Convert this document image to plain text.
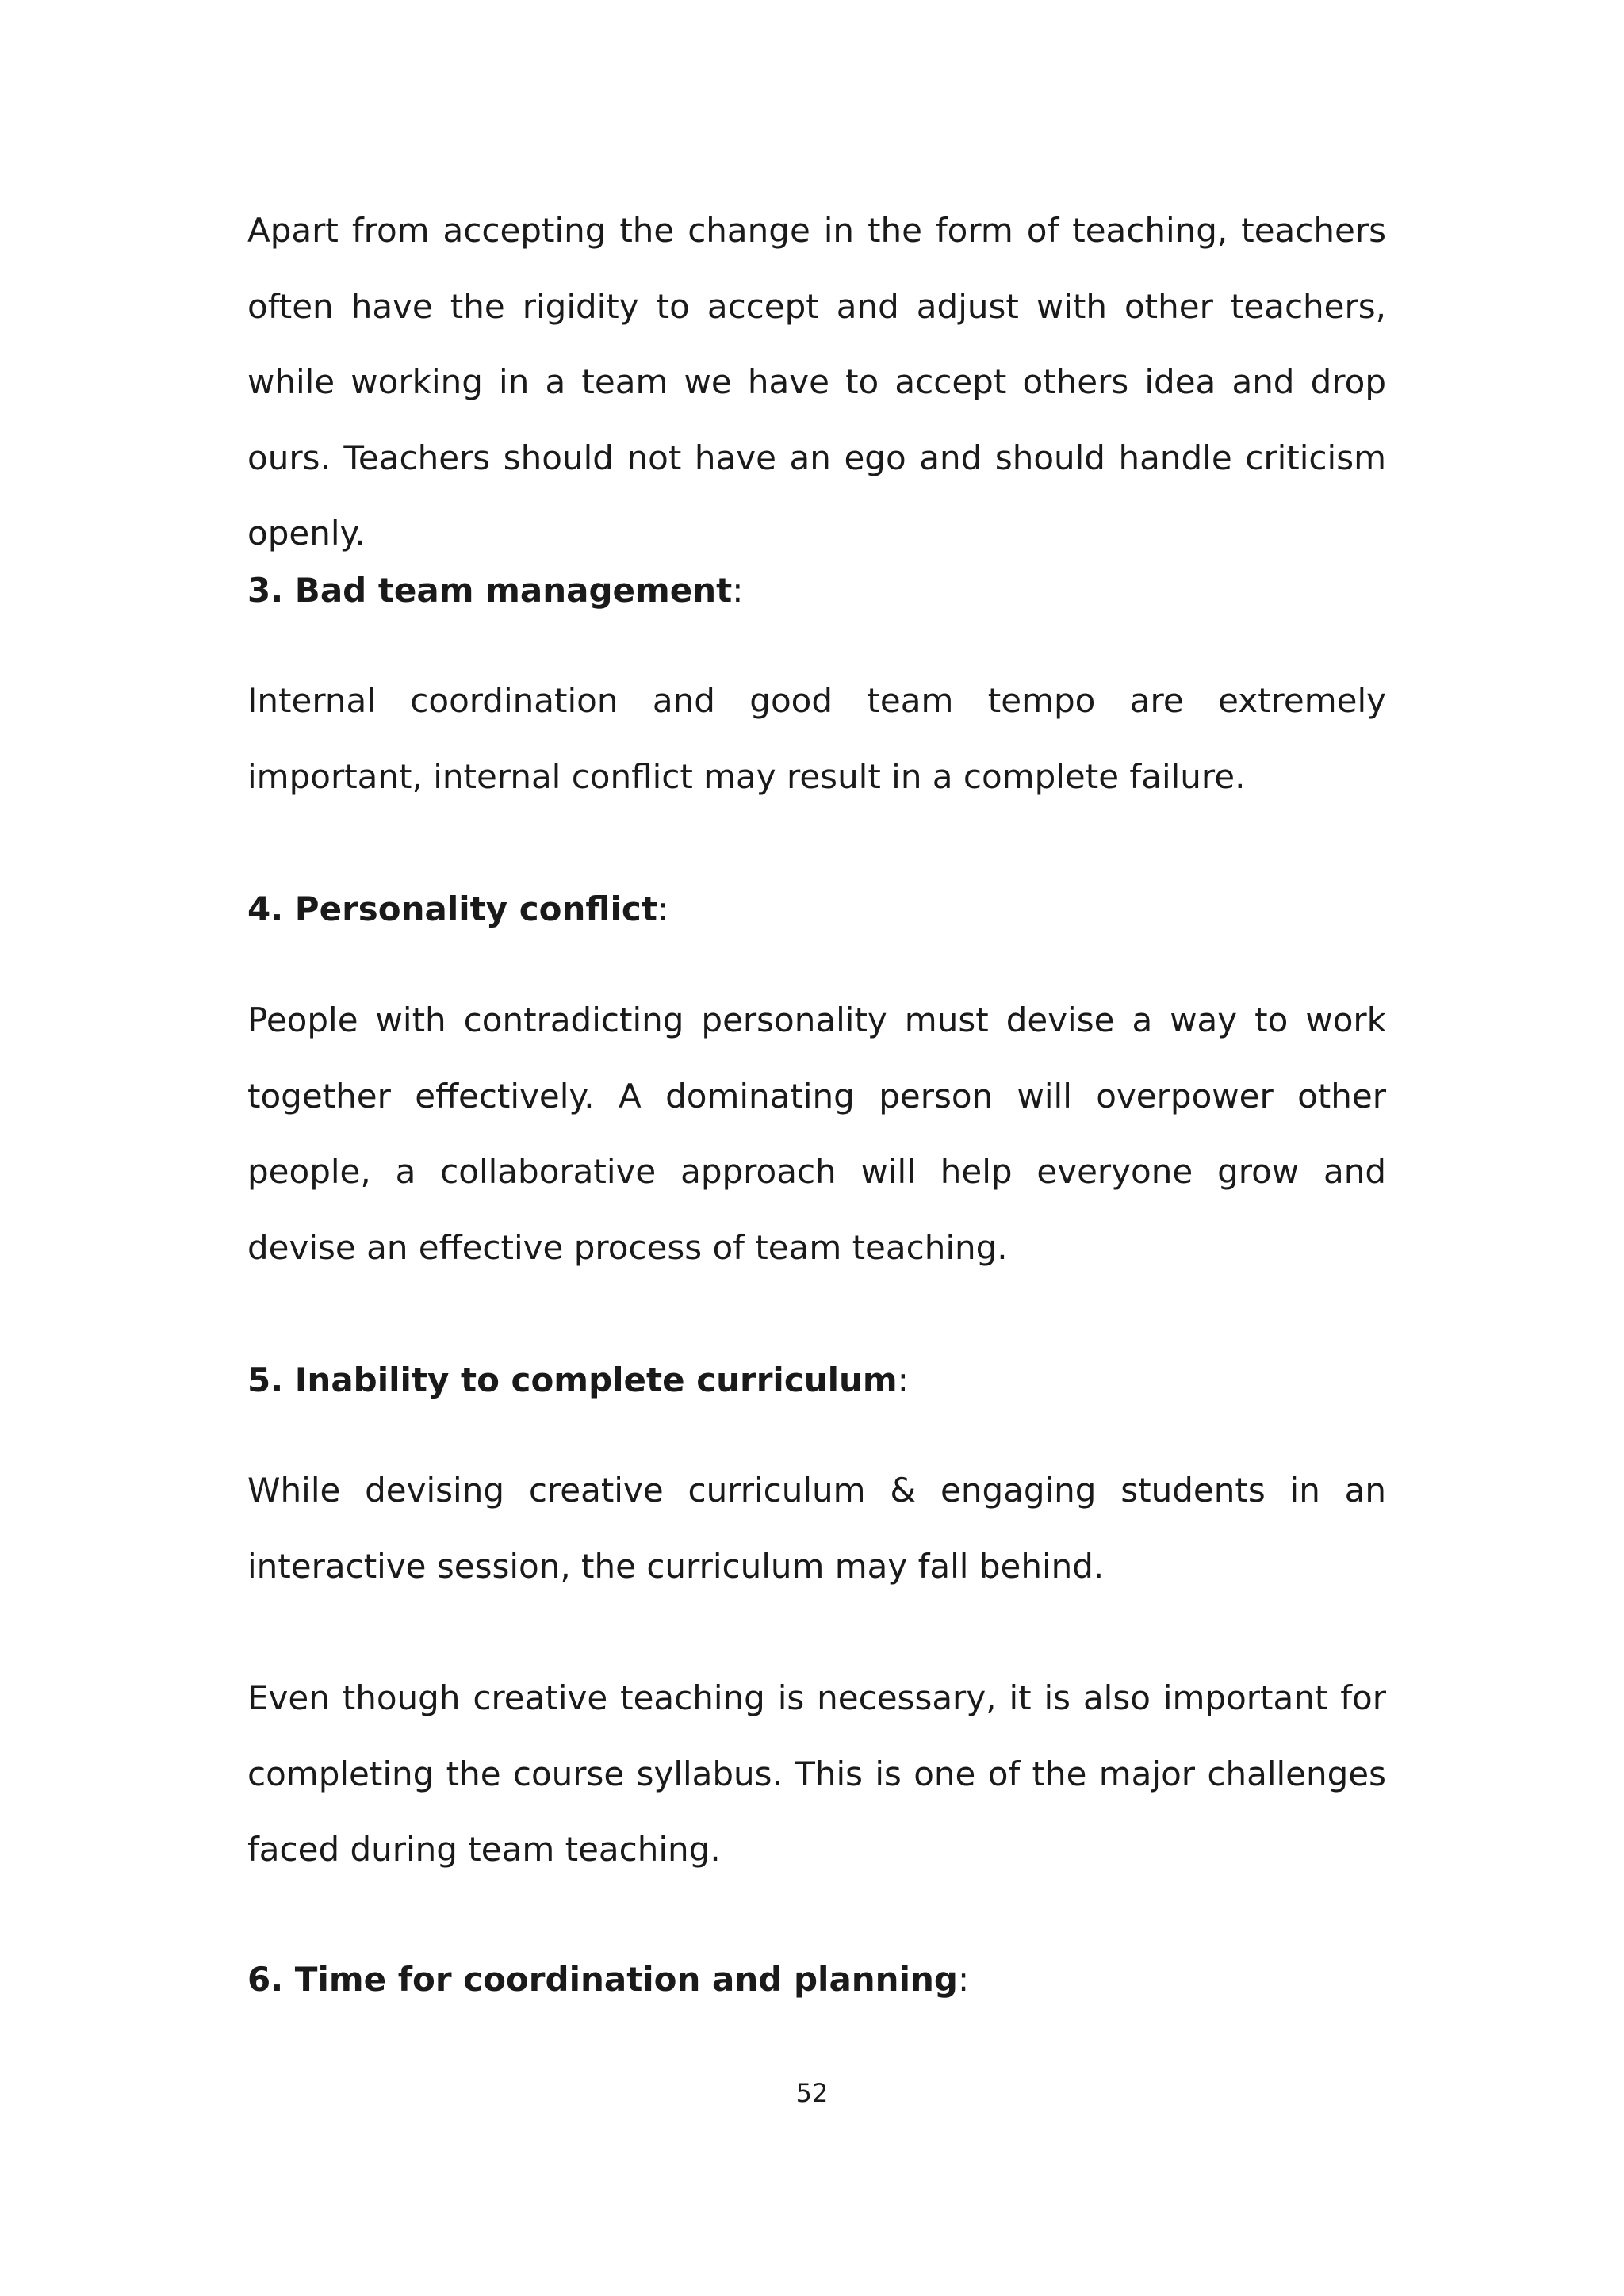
Apart from accepting the change in the form of teaching, teachers often have the rigidity to accept and adjust with other teachers, while working in a team we have to accept others idea and drop ours. Teachers should not have an ego and should handle criticism openly.

3. Bad team management:

Internal coordination and good team tempo are extremely important, internal conflict may result in a complete failure.

4. Personality conflict:

People with contradicting personality must devise a way to work together effectively. A dominating person will overpower other people, a collaborative approach will help everyone grow and devise an effective process of team teaching.

5. Inability to complete curriculum:

While devising creative curriculum & engaging students in an interactive session, the curriculum may fall behind.

Even though creative teaching is necessary, it is also important for completing the course syllabus. This is one of the major challenges faced during team teaching.

6. Time for coordination and planning:
52
